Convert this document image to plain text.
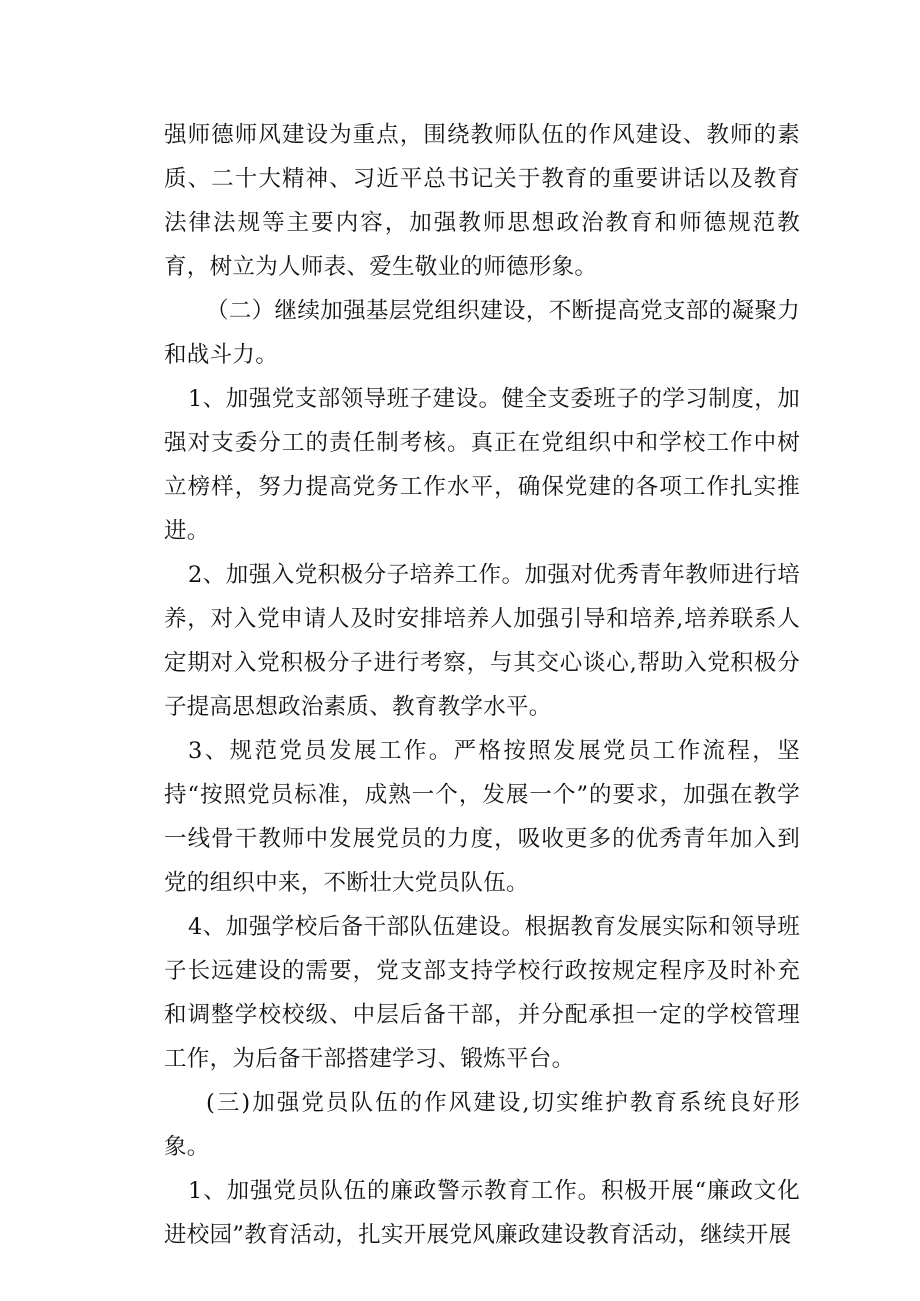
强师德师风建设为重点，围绕教师队伍的作风建设、教师的素质、二十大精神、习近平总书记关于教育的重要讲话以及教育法律法规等主要内容，加强教师思想政治教育和师德规范教育，树立为人师表、爱生敬业的师德形象。

（二）继续加强基层党组织建设，不断提高党支部的凝聚力和战斗力。

1、加强党支部领导班子建设。健全支委班子的学习制度，加强对支委分工的责任制考核。真正在党组织中和学校工作中树立榜样，努力提高党务工作水平，确保党建的各项工作扎实推进。

2、加强入党积极分子培养工作。加强对优秀青年教师进行培养，对入党申请人及时安排培养人加强引导和培养,培养联系人定期对入党积极分子进行考察，与其交心谈心,帮助入党积极分子提高思想政治素质、教育教学水平。

3、规范党员发展工作。严格按照发展党员工作流程，坚持“按照党员标准，成熟一个，发展一个”的要求，加强在教学一线骨干教师中发展党员的力度，吸收更多的优秀青年加入到党的组织中来，不断壮大党员队伍。

4、加强学校后备干部队伍建设。根据教育发展实际和领导班子长远建设的需要，党支部支持学校行政按规定程序及时补充和调整学校校级、中层后备干部，并分配承担一定的学校管理工作，为后备干部搭建学习、锻炼平台。

(三)加强党员队伍的作风建设,切实维护教育系统良好形象。

1、加强党员队伍的廉政警示教育工作。积极开展“廉政文化进校园”教育活动，扎实开展党风廉政建设教育活动，继续开展
